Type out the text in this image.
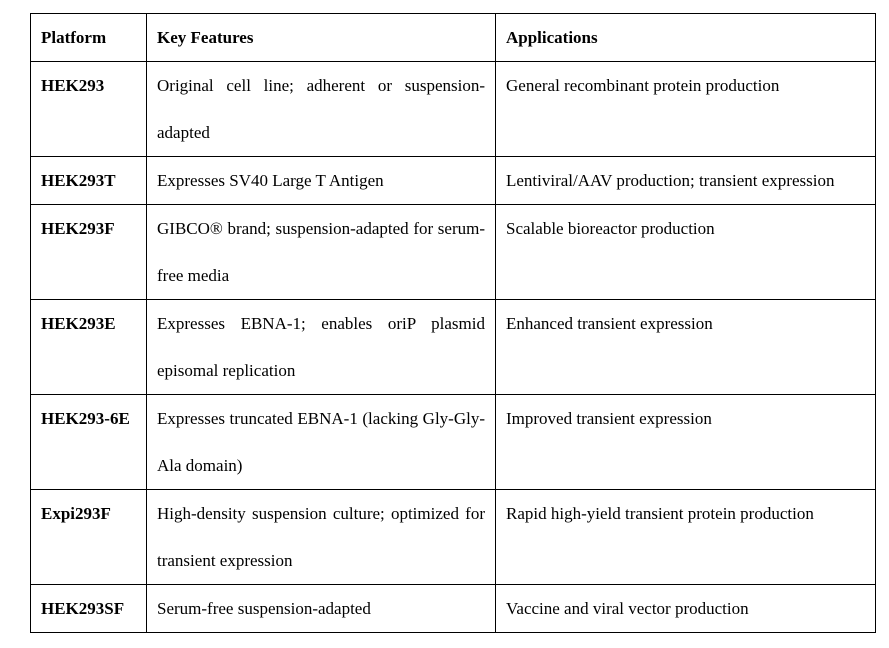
Platform	Key Features	Applications

HEK293	Original cell line; adherent or suspension-adapted	General recombinant protein production

HEK293T	Expresses SV40 Large T Antigen	Lentiviral/AAV production; transient expression

HEK293F	GIBCO® brand; suspension-adapted for serum-free media	Scalable bioreactor production

HEK293E	Expresses EBNA-1; enables oriP plasmid episomal replication	Enhanced transient expression

HEK293-6E	Expresses truncated EBNA-1 (lacking Gly-Gly-Ala domain)	Improved transient expression

Expi293F	High-density suspension culture; optimized for transient expression	Rapid high-yield transient protein production

HEK293SF	Serum-free suspension-adapted	Vaccine and viral vector production
